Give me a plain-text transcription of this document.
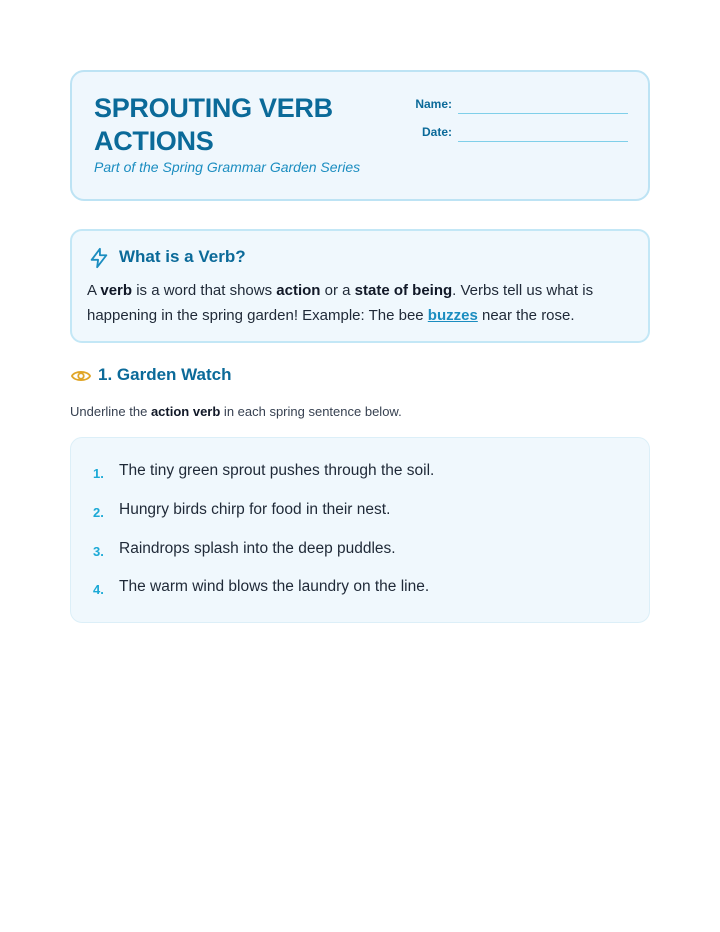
SPROUTING VERB ACTIONS
Part of the Spring Grammar Garden Series
Name:
Date:
What is a Verb?
A verb is a word that shows action or a state of being. Verbs tell us what is happening in the spring garden! Example: The bee buzzes near the rose.
1. Garden Watch
Underline the action verb in each spring sentence below.
1. The tiny green sprout pushes through the soil.
2. Hungry birds chirp for food in their nest.
3. Raindrops splash into the deep puddles.
4. The warm wind blows the laundry on the line.
